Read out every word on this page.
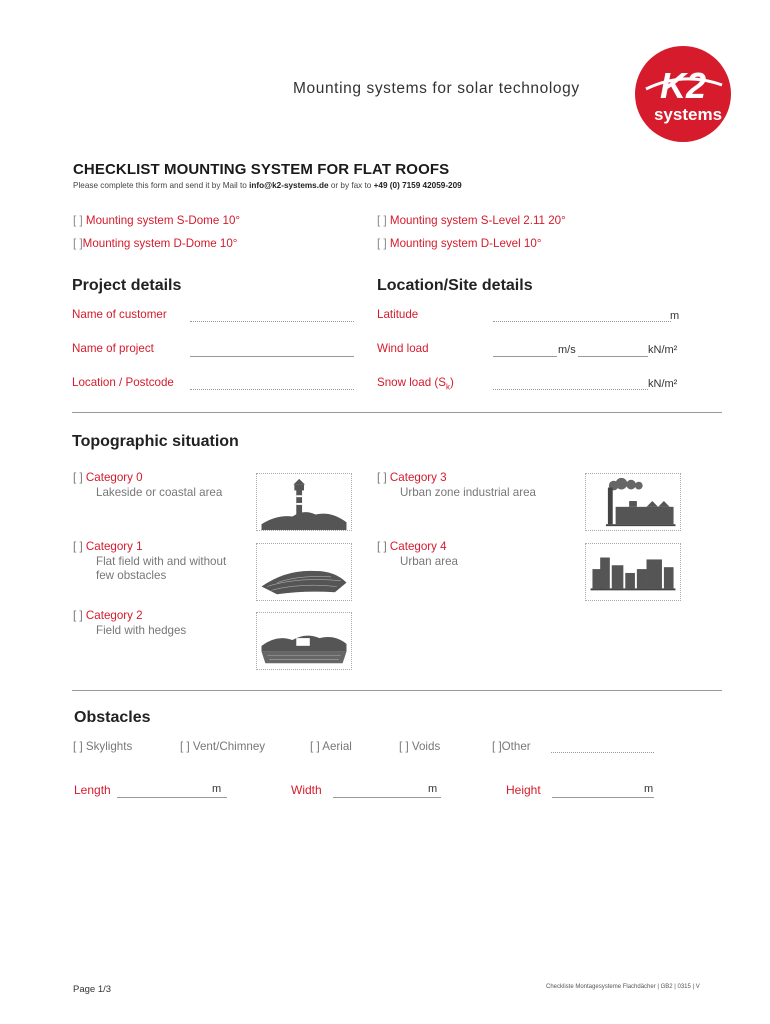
Mounting systems for solar technology K2
systems
CHECKLIST MOUNTING SYSTEM FOR FLAT ROOFS
Please complete this form and send it by Mail to info@k2-systems.de or by fax to +49 (0) 7159 42059-209
[ ] Mounting system S-Dome 10°	[ ] Mounting system S-Level 2.11 20°
[ ]Mounting system D-Dome 10°	[ ] Mounting system D-Level 10°
Project details
Name of customer
Name of project
Location / Postcode
Location/Site details
Latitude	m
Wind load	m/s	kN/m²
Snow load $(S_k)$	kN/m²
Topographic situation
[ ] Category 0
Lakeside or coastal area
[ ] Category 3
Urban zone industrial area
[ ] Category 1
Flat field with and without
few obstacles
[ ] Category 4
Urban area
[ ] Category 2
Field with hedges
Obstacles
[ ] Skylights	[ ] Vent/Chimney	[ ] Aerial	[ ] Voids	[ ]Other
Length	m	Width	m	Height	m
Page 1/3	Checkliste Montagesysteme Flachdächer | GB2 | 0315 | V
